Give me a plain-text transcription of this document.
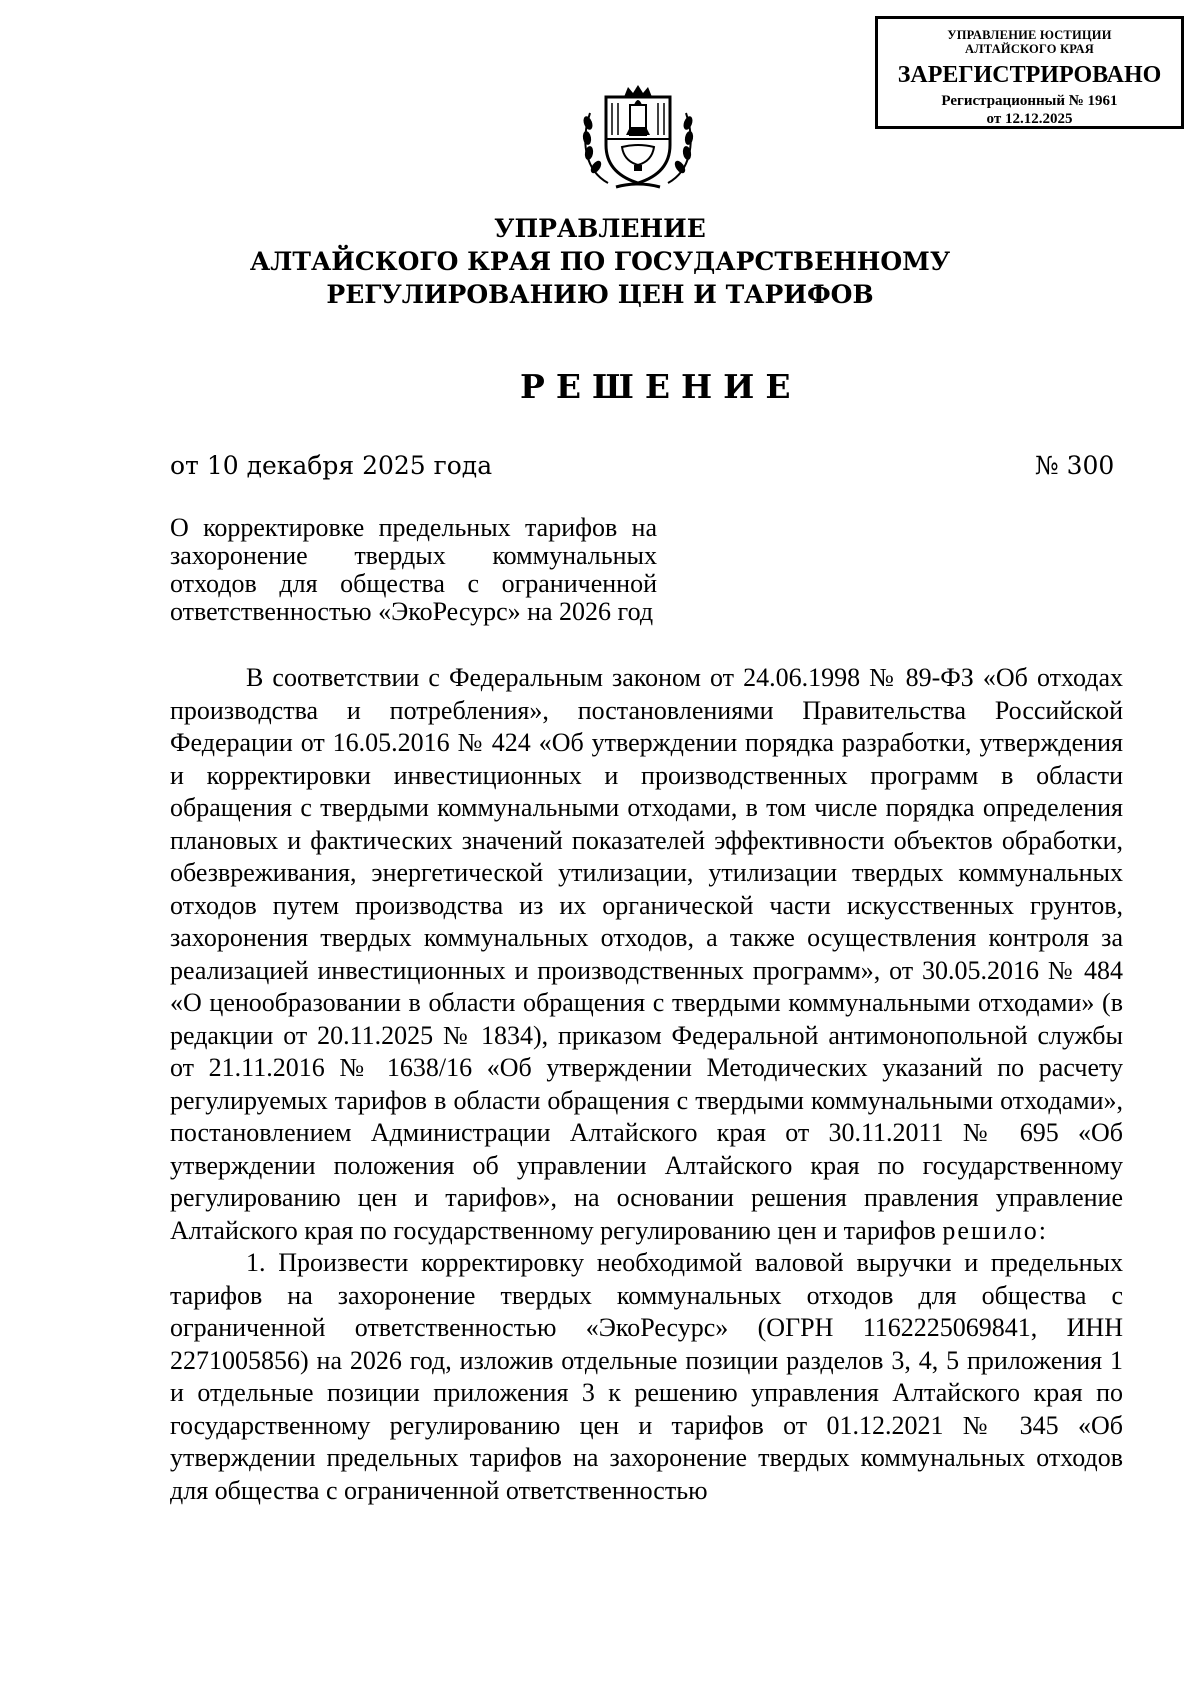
УПРАВЛЕНИЕ ЮСТИЦИИ
АЛТАЙСКОГО КРАЯ
ЗАРЕГИСТРИРОВАНО
Регистрационный № 1961
от 12.12.2025
УПРАВЛЕНИЕ
АЛТАЙСКОГО КРАЯ ПО ГОСУДАРСТВЕННОМУ
РЕГУЛИРОВАНИЮ ЦЕН И ТАРИФОВ
РЕШЕНИЕ
от 10 декабря 2025 года	№ 300
О корректировке предельных тарифов на захоронение твердых коммунальных отходов для общества с ограниченной ответственностью «ЭкоРесурс» на 2026 год

В соответствии с Федеральным законом от 24.06.1998 № 89-ФЗ «Об отходах производства и потребления», постановлениями Правительства Российской Федерации от 16.05.2016 № 424 «Об утверждении порядка разработки, утверждения и корректировки инвестиционных и производственных программ в области обращения с твердыми коммунальными отходами, в том числе порядка определения плановых и фактических значений показателей эффективности объектов обработки, обезвреживания, энергетической утилизации, утилизации твердых коммунальных отходов путем производства из их органической части искусственных грунтов, захоронения твердых коммунальных отходов, а также осуществления контроля за реализацией инвестиционных и производственных программ», от 30.05.2016 № 484 «О ценообразовании в области обращения с твердыми коммунальными отходами» (в редакции от 20.11.2025 № 1834), приказом Федеральной антимонопольной службы от 21.11.2016 № 1638/16 «Об утверждении Методических указаний по расчету регулируемых тарифов в области обращения с твердыми коммунальными отходами», постановлением Администрации Алтайского края от 30.11.2011 № 695 «Об утверждении положения об управлении Алтайского края по государственному регулированию цен и тарифов», на основании решения правления управление Алтайского края по государственному регулированию цен и тарифов решило:

1. Произвести корректировку необходимой валовой выручки и предельных тарифов на захоронение твердых коммунальных отходов для общества с ограниченной ответственностью «ЭкоРесурс» (ОГРН 1162225069841, ИНН 2271005856) на 2026 год, изложив отдельные позиции разделов 3, 4, 5 приложения 1 и отдельные позиции приложения 3 к решению управления Алтайского края по государственному регулированию цен и тарифов от 01.12.2021 № 345 «Об утверждении предельных тарифов на захоронение твердых коммунальных отходов для общества с ограниченной ответственностью
